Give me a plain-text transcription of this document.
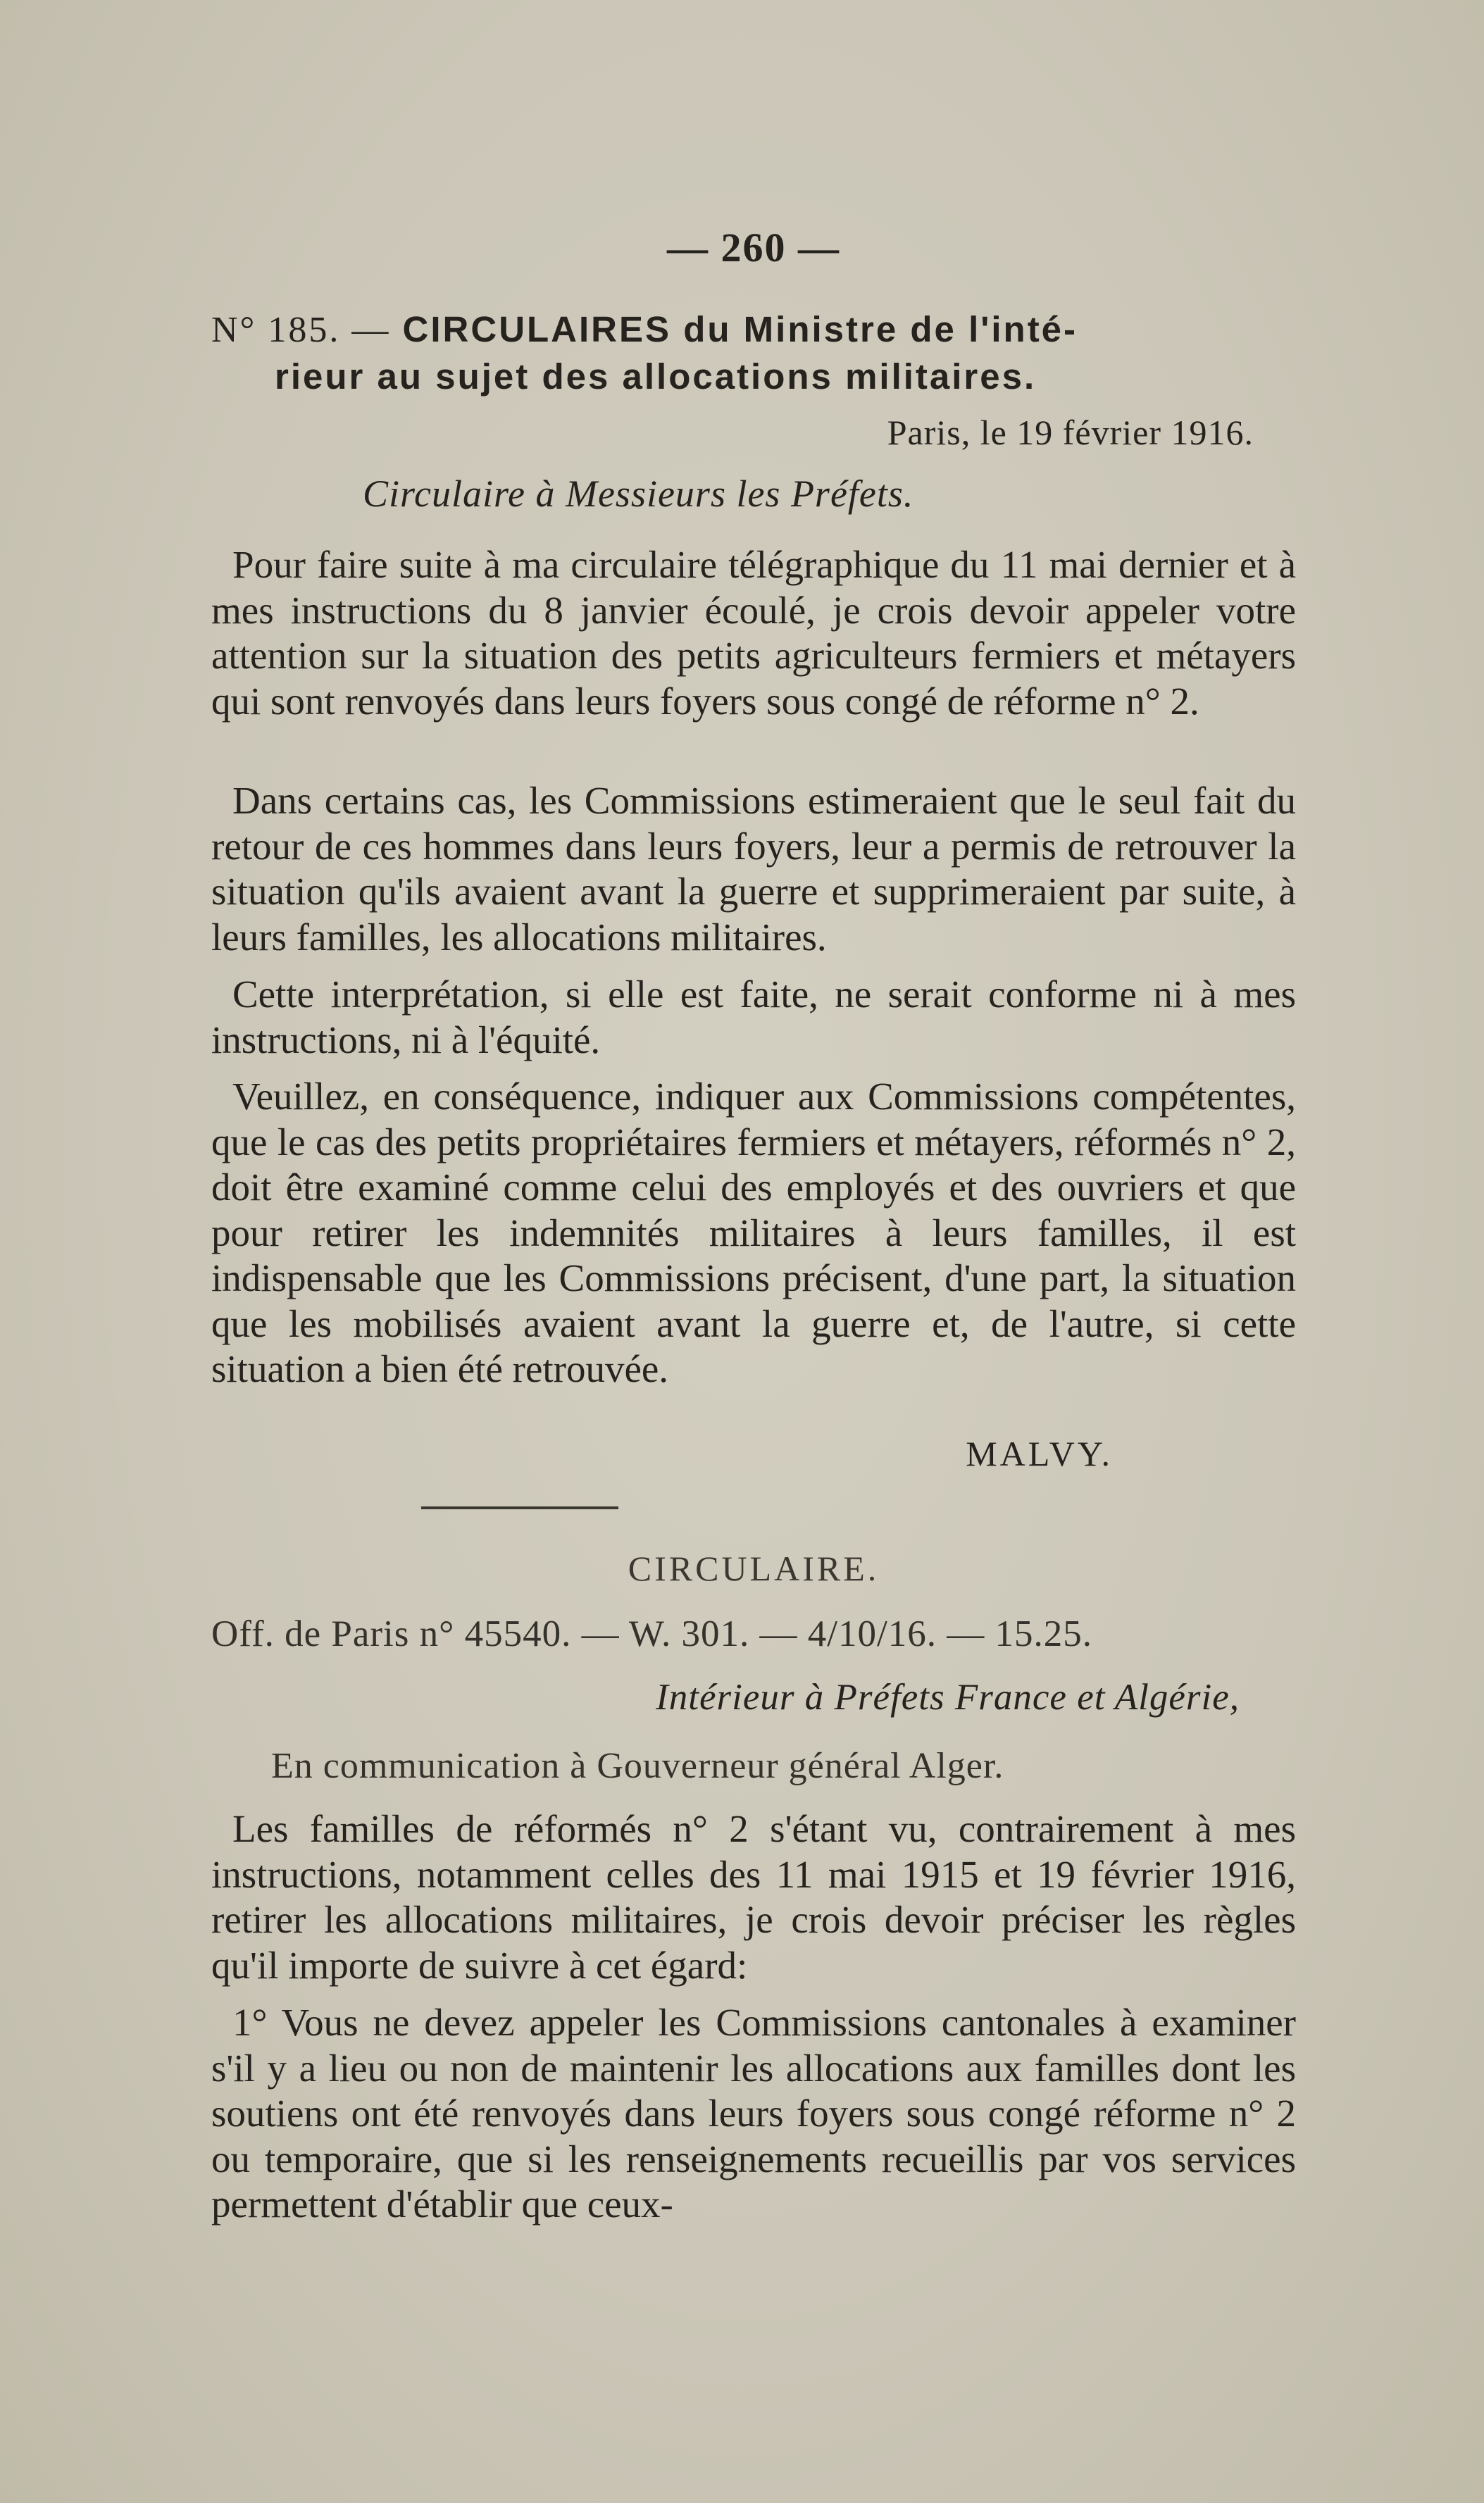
— 260 —
N° 185. — CIRCULAIRES du Ministre de l'inté-
rieur au sujet des allocations militaires.
Paris, le 19 février 1916.
Circulaire à Messieurs les Préfets.

Pour faire suite à ma circulaire télégraphique du 11 mai dernier et à mes instructions du 8 janvier écoulé, je crois devoir appeler votre attention sur la situation des petits agriculteurs fermiers et métayers qui sont renvoyés dans leurs foyers sous congé de réforme n° 2.

Dans certains cas, les Commissions estimeraient que le seul fait du retour de ces hommes dans leurs foyers, leur a permis de retrouver la situation qu'ils avaient avant la guerre et supprimeraient par suite, à leurs familles, les allocations militaires.

Cette interprétation, si elle est faite, ne serait conforme ni à mes instructions, ni à l'équité.

Veuillez, en conséquence, indiquer aux Commissions compétentes, que le cas des petits propriétaires fermiers et métayers, réformés n° 2, doit être examiné comme celui des employés et des ouvriers et que pour retirer les indemnités militaires à leurs familles, il est indispensable que les Commissions précisent, d'une part, la situation que les mobilisés avaient avant la guerre et, de l'autre, si cette situation a bien été retrouvée.

MALVY.
CIRCULAIRE.
Off. de Paris n° 45540. — W. 301. — 4/10/16. — 15.25.
Intérieur à Préfets France et Algérie,
En communication à Gouverneur général Alger.

Les familles de réformés n° 2 s'étant vu, contrairement à mes instructions, notamment celles des 11 mai 1915 et 19 février 1916, retirer les allocations militaires, je crois devoir préciser les règles qu'il importe de suivre à cet égard:

1° Vous ne devez appeler les Commissions cantonales à examiner s'il y a lieu ou non de maintenir les allocations aux familles dont les soutiens ont été renvoyés dans leurs foyers sous congé réforme n° 2 ou temporaire, que si les renseignements recueillis par vos services permettent d'établir que ceux-
